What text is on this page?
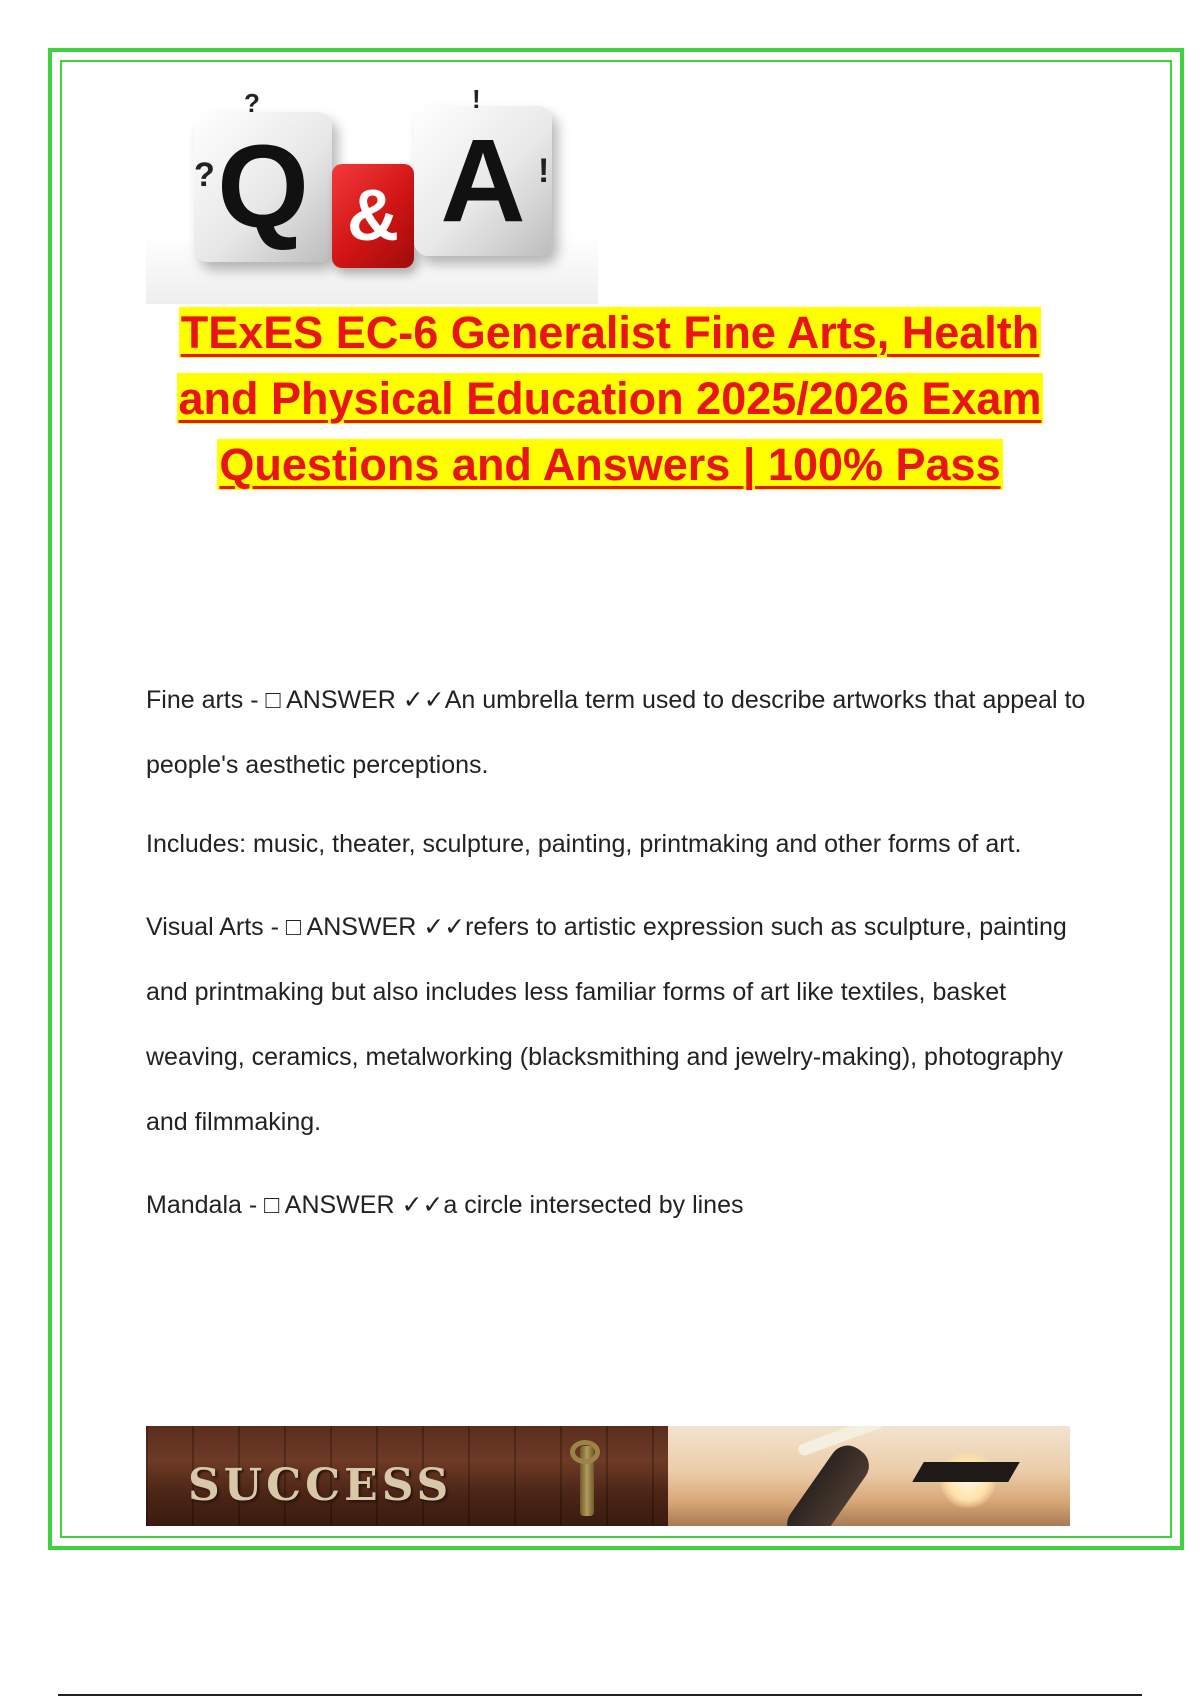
Q
?
?
& A !
!
TExES EC-6 Generalist Fine Arts, Health
and Physical Education 2025/2026 Exam
Questions and Answers | 100% Pass

Fine arts - □ ANSWER ✓✓An umbrella term used to describe artworks that appeal to people's aesthetic perceptions.

Includes: music, theater, sculpture, painting, printmaking and other forms of art.

Visual Arts - □ ANSWER ✓✓refers to artistic expression such as sculpture, painting and printmaking but also includes less familiar forms of art like textiles, basket weaving, ceramics, metalworking (blacksmithing and jewelry-making), photography and filmmaking.

Mandala - □ ANSWER ✓✓a circle intersected by lines

SUCCESS
